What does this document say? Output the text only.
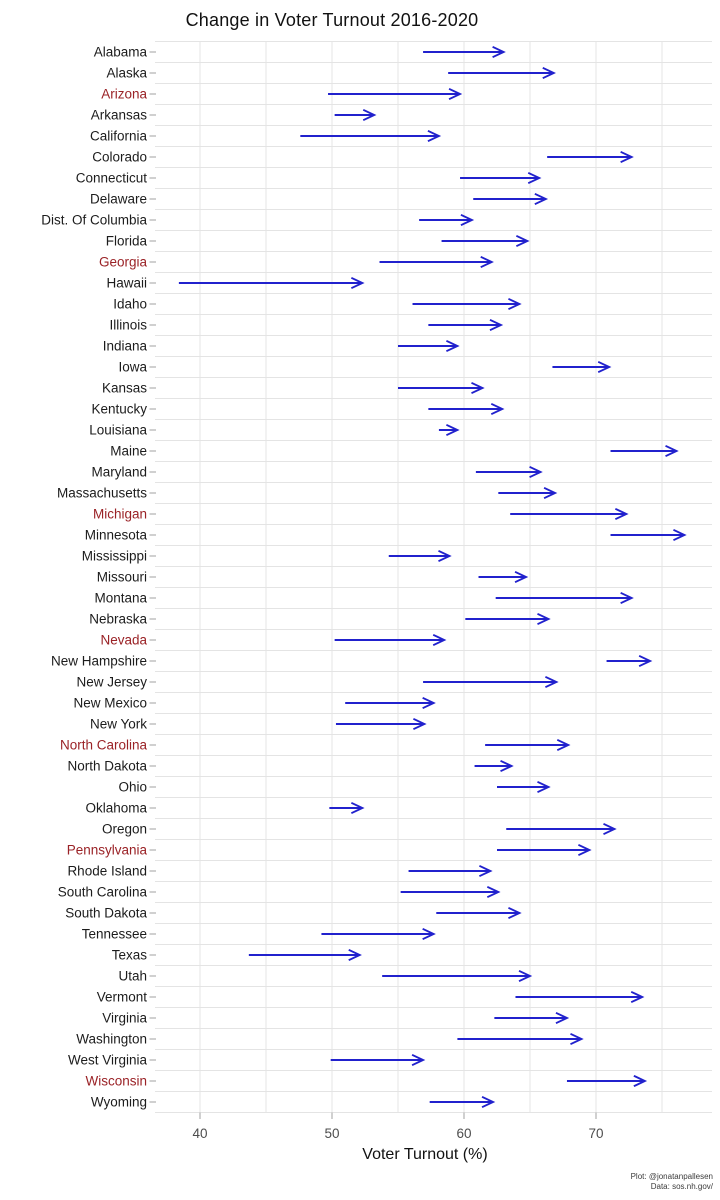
Change in Voter Turnout 2016-2020
40	50	60	70
Alabama
Alaska
Arizona
Arkansas
California
Colorado
Connecticut
Delaware
Dist. Of Columbia
Florida
Georgia
Hawaii
Idaho
Illinois
Indiana
Iowa
Kansas
Kentucky
Louisiana
Maine
Maryland
Massachusetts
Michigan
Minnesota
Mississippi
Missouri
Montana
Nebraska
Nevada
New Hampshire
New Jersey
New Mexico
New York
North Carolina
North Dakota
Ohio
Oklahoma
Oregon
Pennsylvania
Rhode Island
South Carolina
South Dakota
Tennessee
Texas
Utah
Vermont
Virginia
Washington
West Virginia
Wisconsin
Wyoming
Voter Turnout (%)
Plot: @jonatanpallesen
Data: sos.nh.gov/
